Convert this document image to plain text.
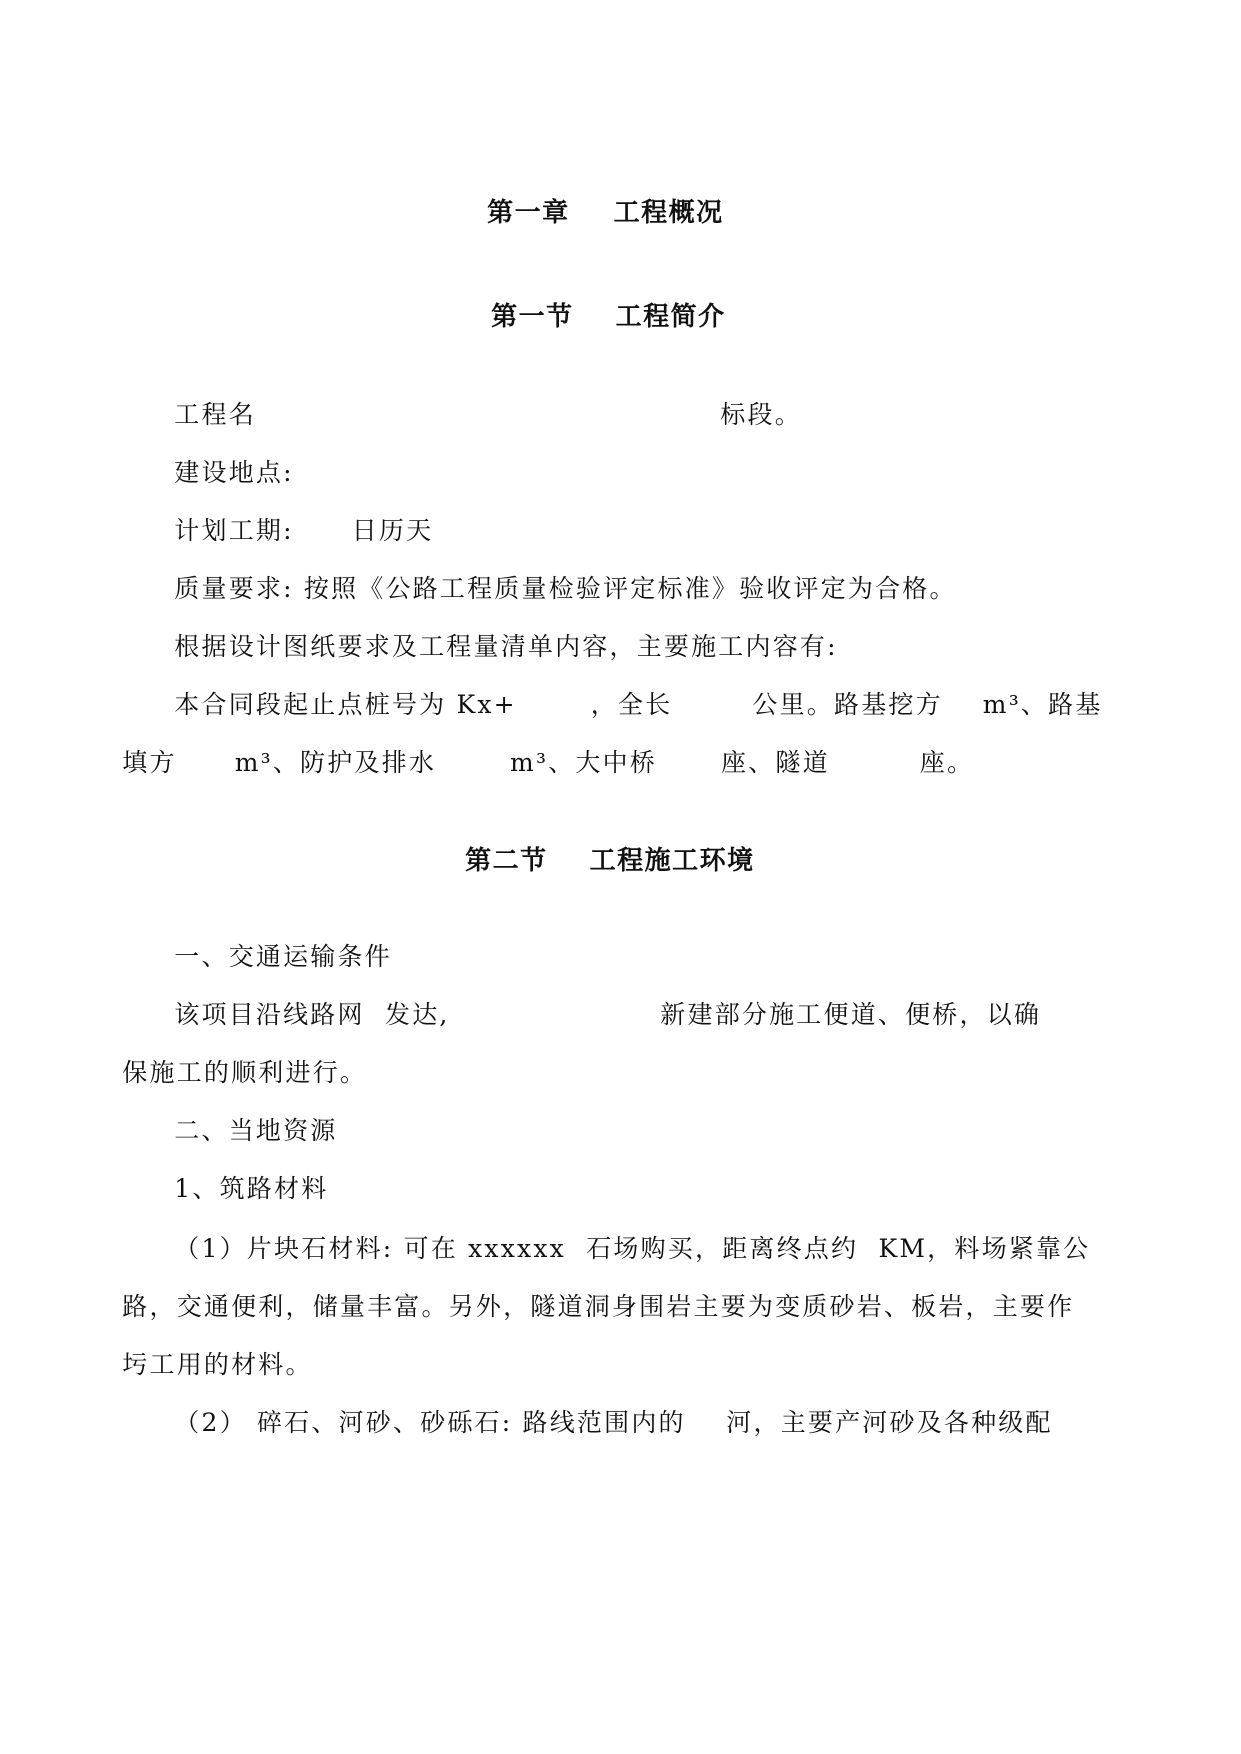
第一章 工程概况

第一节 工程简介

工程名	标段。

建设地点:

计划工期: 日历天

质量要求: 按照《公路工程质量检验评定标准》验收评定为合格。

根据设计图纸要求及工程量清单内容，主要施工内容有:

本合同段起止点桩号为 Kx+	，全长	公里。路基挖方 m³、路基

填方 m³、防护及排水	m³、大中桥	座、隧道	座。

第二节 工程施工环境

一、交通运输条件

该项目沿线路网  发达,	新建部分施工便道、便桥，以确

保施工的顺利进行。

二、当地资源

1、筑路材料

（1）片块石材料: 可在 xxxxxx  石场购买，距离终点约  KM，料场紧靠公

路，交通便利，储量丰富。另外，隧道洞身围岩主要为变质砂岩、板岩，主要作

圬工用的材料。

（2） 碎石、河砂、砂砾石: 路线范围内的    河，主要产河砂及各种级配
